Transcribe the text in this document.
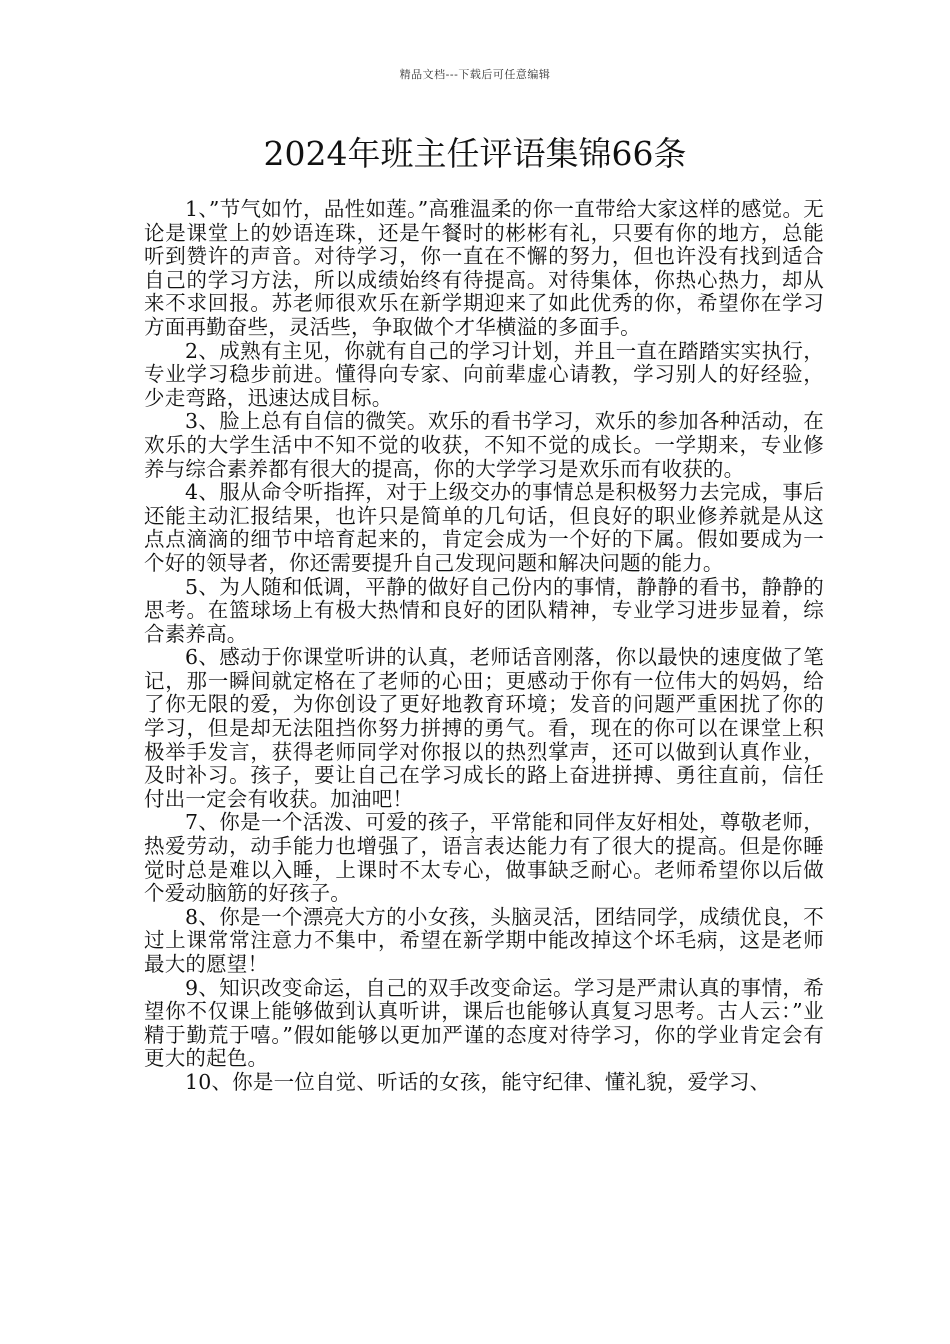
精品文档---下载后可任意编辑
2024年班主任评语集锦66条

1、”节气如竹，品性如莲。”高雅温柔的你一直带给大家这样的感觉。无论是课堂上的妙语连珠，还是午餐时的彬彬有礼，只要有你的地方，总能听到赞许的声音。对待学习，你一直在不懈的努力，但也许没有找到适合自己的学习方法，所以成绩始终有待提高。对待集体，你热心热力，却从来不求回报。苏老师很欢乐在新学期迎来了如此优秀的你，希望你在学习方面再勤奋些，灵活些，争取做个才华横溢的多面手。

2、成熟有主见，你就有自己的学习计划，并且一直在踏踏实实执行，专业学习稳步前进。懂得向专家、向前辈虚心请教，学习别人的好经验，少走弯路，迅速达成目标。

3、脸上总有自信的微笑。欢乐的看书学习，欢乐的参加各种活动，在欢乐的大学生活中不知不觉的收获，不知不觉的成长。一学期来，专业修养与综合素养都有很大的提高，你的大学学习是欢乐而有收获的。

4、服从命令听指挥，对于上级交办的事情总是积极努力去完成，事后还能主动汇报结果，也许只是简单的几句话，但良好的职业修养就是从这点点滴滴的细节中培育起来的，肯定会成为一个好的下属。假如要成为一个好的领导者，你还需要提升自己发现问题和解决问题的能力。

5、为人随和低调，平静的做好自己份内的事情，静静的看书，静静的思考。在篮球场上有极大热情和良好的团队精神，专业学习进步显着，综合素养高。

6、感动于你课堂听讲的认真，老师话音刚落，你以最快的速度做了笔记，那一瞬间就定格在了老师的心田；更感动于你有一位伟大的妈妈，给了你无限的爱，为你创设了更好地教育环境；发音的问题严重困扰了你的学习，但是却无法阻挡你努力拼搏的勇气。看，现在的你可以在课堂上积极举手发言，获得老师同学对你报以的热烈掌声，还可以做到认真作业，及时补习。孩子，要让自己在学习成长的路上奋进拼搏、勇往直前，信任付出一定会有收获。加油吧！

7、你是一个活泼、可爱的孩子，平常能和同伴友好相处，尊敬老师，热爱劳动，动手能力也增强了，语言表达能力有了很大的提高。但是你睡觉时总是难以入睡，上课时不太专心，做事缺乏耐心。老师希望你以后做个爱动脑筋的好孩子。

8、你是一个漂亮大方的小女孩，头脑灵活，团结同学，成绩优良，不过上课常常注意力不集中，希望在新学期中能改掉这个坏毛病，这是老师最大的愿望！

9、知识改变命运，自己的双手改变命运。学习是严肃认真的事情，希望你不仅课上能够做到认真听讲，课后也能够认真复习思考。古人云：”业精于勤荒于嘻。”假如能够以更加严谨的态度对待学习，你的学业肯定会有更大的起色。

10、你是一位自觉、听话的女孩，能守纪律、懂礼貌，爱学习、
